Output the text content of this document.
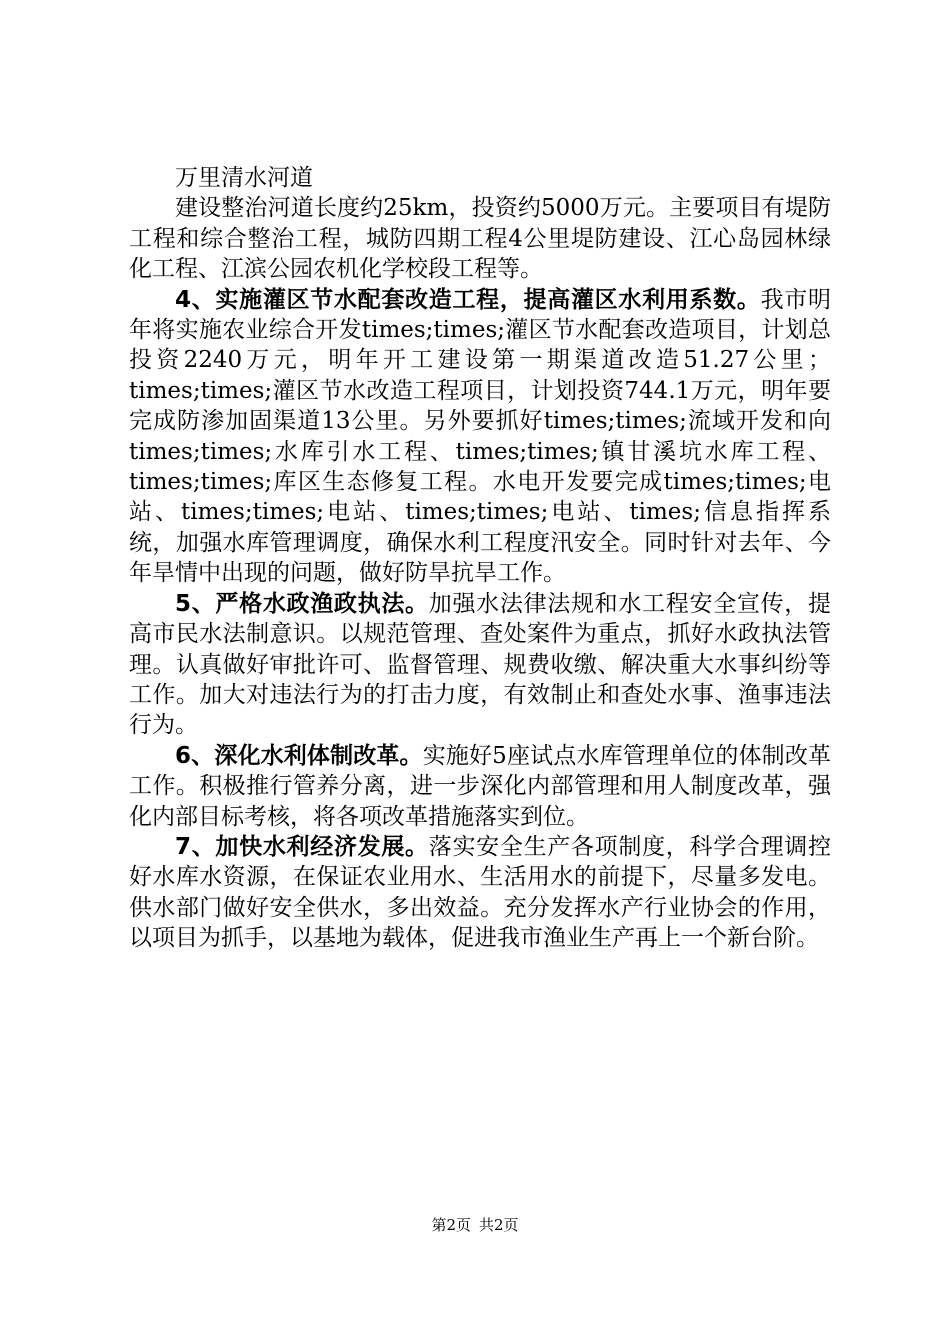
万里清水河道

建设整治河道长度约25km，投资约5000万元。主要项目有堤防工程和综合整治工程，城防四期工程4公里堤防建设、江心岛园林绿化工程、江滨公园农机化学校段工程等。

4、实施灌区节水配套改造工程，提高灌区水利用系数。我市明年将实施农业综合开发times;times;灌区节水配套改造项目，计划总投资2240万元，明年开工建设第一期渠道改造51.27公里；times;times;灌区节水改造工程项目，计划投资744.1万元，明年要完成防渗加固渠道13公里。另外要抓好times;times;流域开发和向times;times;水库引水工程、times;times;镇甘溪坑水库工程、times;times;库区生态修复工程。水电开发要完成times;times;电站、times;times;电站、times;times;电站、times;信息指挥系统，加强水库管理调度，确保水利工程度汛安全。同时针对去年、今年旱情中出现的问题，做好防旱抗旱工作。

5、严格水政渔政执法。加强水法律法规和水工程安全宣传，提高市民水法制意识。以规范管理、查处案件为重点，抓好水政执法管理。认真做好审批许可、监督管理、规费收缴、解决重大水事纠纷等工作。加大对违法行为的打击力度，有效制止和查处水事、渔事违法行为。

6、深化水利体制改革。实施好5座试点水库管理单位的体制改革工作。积极推行管养分离，进一步深化内部管理和用人制度改革，强化内部目标考核，将各项改革措施落实到位。

7、加快水利经济发展。落实安全生产各项制度，科学合理调控好水库水资源，在保证农业用水、生活用水的前提下，尽量多发电。供水部门做好安全供水，多出效益。充分发挥水产行业协会的作用，以项目为抓手，以基地为载体，促进我市渔业生产再上一个新台阶。

第2页 共2页
